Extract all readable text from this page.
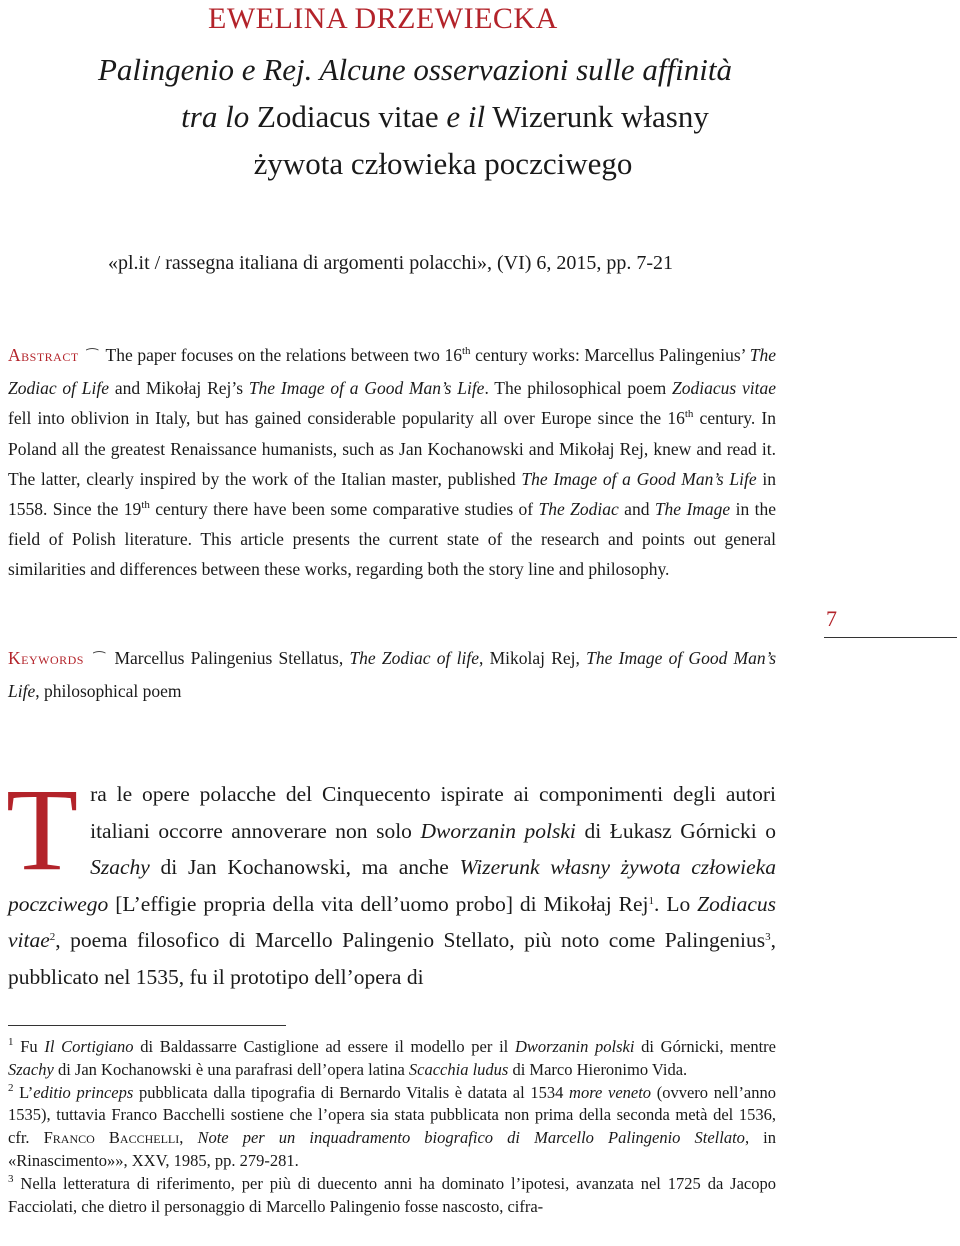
EWELINA DRZEWIECKA
Palingenio e Rej. Alcune osservazioni sulle affinità
tra lo Zodiacus vitae e il Wizerunk własny
żywota człowieka poczciwego
«pl.it / rassegna italiana di argomenti polacchi», (VI) 6, 2015, pp. 7-21
Abstract ⁀ The paper focuses on the relations between two 16th century works: Marcellus Palingenius’ The Zodiac of Life and Mikołaj Rej’s The Image of a Good Man’s Life. The philosophical poem Zodiacus vitae fell into oblivion in Italy, but has gained considerable popularity all over Europe since the 16th century. In Poland all the greatest Renaissance humanists, such as Jan Kochanowski and Mikołaj Rej, knew and read it. The latter, clearly inspired by the work of the Italian master, published The Image of a Good Man’s Life in 1558. Since the 19th century there have been some comparative studies of The Zodiac and The Image in the field of Polish literature. This article presents the current state of the research and points out general similarities and differences between these works, regarding both the story line and philosophy.
Keywords ⁀ Marcellus Palingenius Stellatus, The Zodiac of life, Mikolaj Rej, The Image of Good Man’s Life, philosophical poem
7
Tra le opere polacche del Cinquecento ispirate ai componimenti degli autori italiani occorre annoverare non solo Dworzanin polski di Łukasz Górnicki o Szachy di Jan Kochanowski, ma anche Wizerunk własny żywota człowieka poczciwego [L’effigie propria della vita dell’uomo probo] di Mikołaj Rej$^1$. Lo Zodiacus vitae$^2$, poema filosofico di Marcello Palingenio Stellato, più noto come Palingenius$^3$, pubblicato nel 1535, fu il prototipo dell’opera di

$^1$ Fu Il Cortigiano di Baldassarre Castiglione ad essere il modello per il Dworzanin polski di Górnicki, mentre Szachy di Jan Kochanowski è una parafrasi dell’opera latina Scacchia ludus di Marco Hieronimo Vida.

$^2$ L’editio princeps pubblicata dalla tipografia di Bernardo Vitalis è datata al 1534 more veneto (ovvero nell’anno 1535), tuttavia Franco Bacchelli sostiene che l’opera sia stata pubblicata non prima della seconda metà del 1536, cfr. Franco Bacchelli, Note per un inquadramento biografico di Marcello Palingenio Stellato, in «Rinascimento»», XXV, 1985, pp. 279-281.

$^3$ Nella letteratura di riferimento, per più di duecento anni ha dominato l’ipotesi, avanzata nel 1725 da Jacopo Facciolati, che dietro il personaggio di Marcello Palingenio fosse nascosto, cifra-
